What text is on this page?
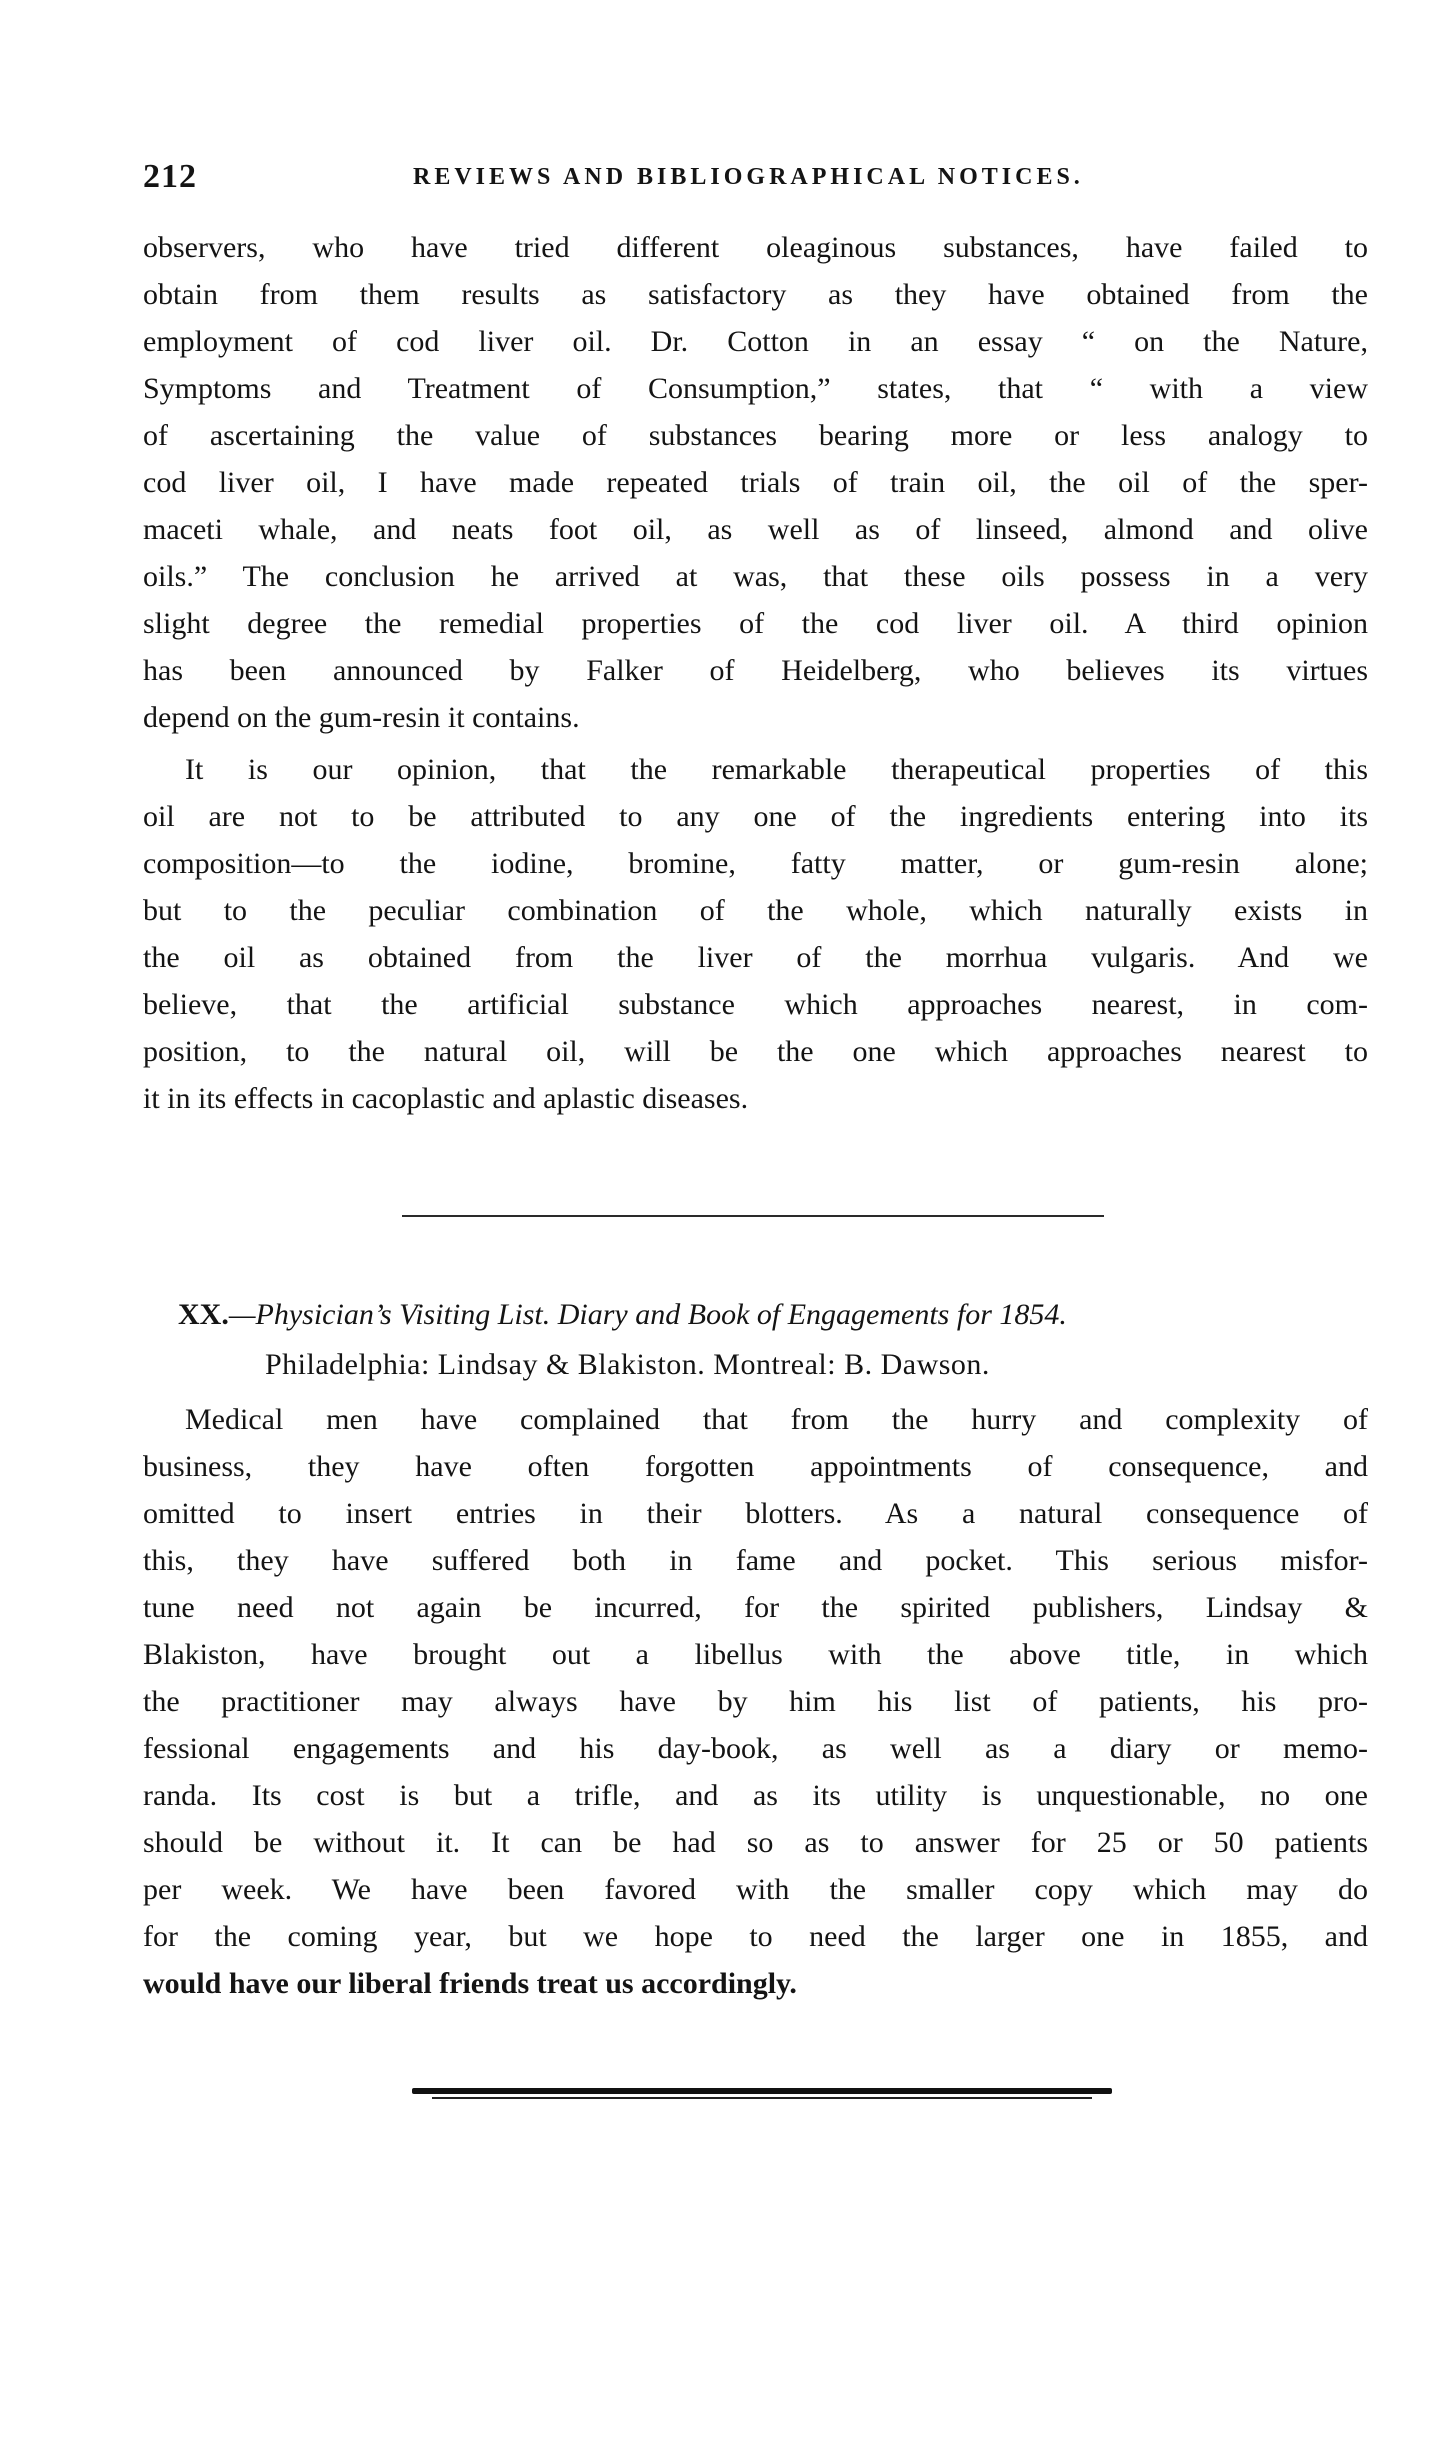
212	REVIEWS AND BIBLIOGRAPHICAL NOTICES.
observers, who have tried different oleaginous substances, have failed to
obtain from them results as satisfactory as they have obtained from the
employment of cod liver oil. Dr. Cotton in an essay “ on the Nature,
Symptoms and Treatment of Consumption,” states, that “ with a view
of ascertaining the value of substances bearing more or less analogy to
cod liver oil, I have made repeated trials of train oil, the oil of the sper-
maceti whale, and neats foot oil, as well as of linseed, almond and olive
oils.” The conclusion he arrived at was, that these oils possess in a very
slight degree the remedial properties of the cod liver oil. A third opinion
has been announced by Falker of Heidelberg, who believes its virtues
depend on the gum-resin it contains.
It is our opinion, that the remarkable therapeutical properties of this
oil are not to be attributed to any one of the ingredients entering into its
composition—to the iodine, bromine, fatty matter, or gum-resin alone;
but to the peculiar combination of the whole, which naturally exists in
the oil as obtained from the liver of the morrhua vulgaris. And we
believe, that the artificial substance which approaches nearest, in com-
position, to the natural oil, will be the one which approaches nearest to
it in its effects in cacoplastic and aplastic diseases.
XX.—Physician’s Visiting List. Diary and Book of Engagements for 1854.
Philadelphia: Lindsay & Blakiston. Montreal: B. Dawson.
Medical men have complained that from the hurry and complexity of
business, they have often forgotten appointments of consequence, and
omitted to insert entries in their blotters. As a natural consequence of
this, they have suffered both in fame and pocket. This serious misfor-
tune need not again be incurred, for the spirited publishers, Lindsay &
Blakiston, have brought out a libellus with the above title, in which
the practitioner may always have by him his list of patients, his pro-
fessional engagements and his day-book, as well as a diary or memo-
randa. Its cost is but a trifle, and as its utility is unquestionable, no one
should be without it. It can be had so as to answer for 25 or 50 patients
per week. We have been favored with the smaller copy which may do
for the coming year, but we hope to need the larger one in 1855, and
would have our liberal friends treat us accordingly.
